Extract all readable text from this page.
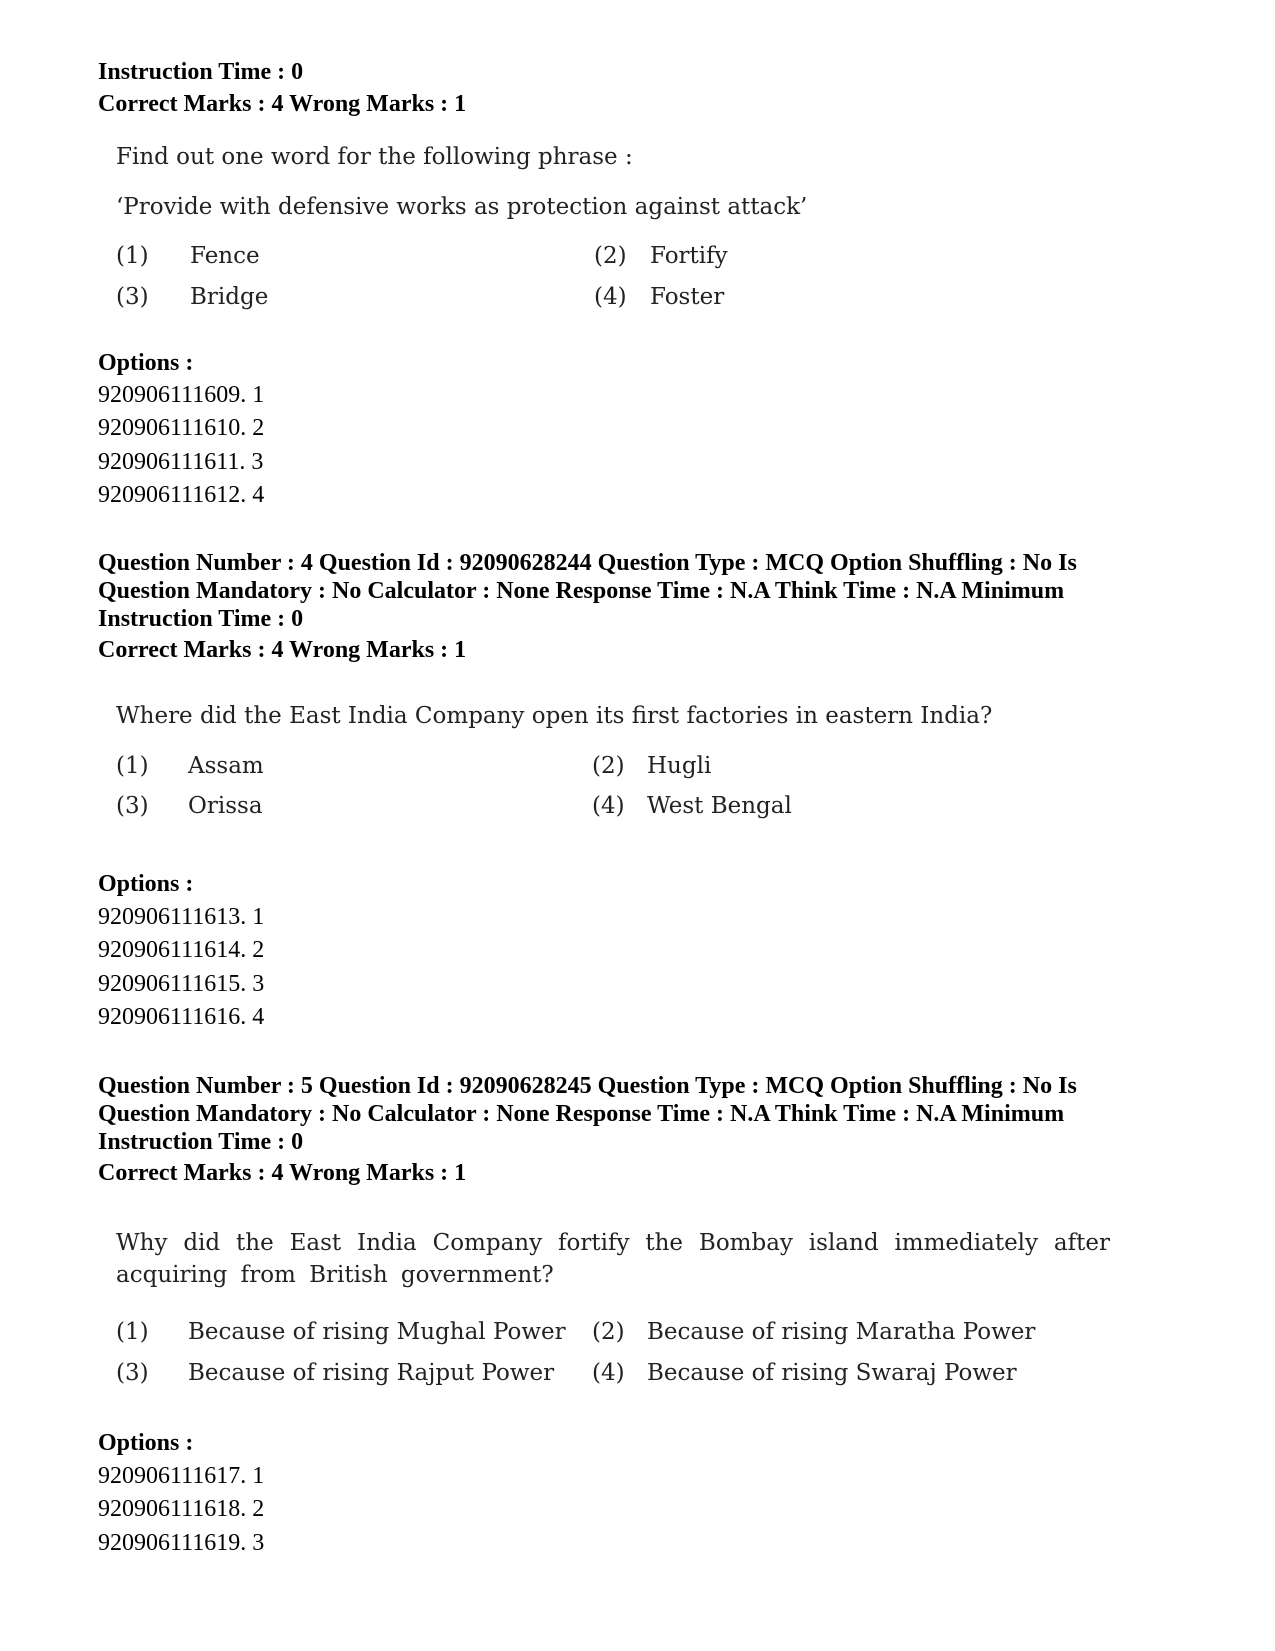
Instruction Time : 0
Correct Marks : 4 Wrong Marks : 1
Find out one word for the following phrase :
‘Provide with defensive works as protection against attack’
(1) Fence	(2) Fortify
(3) Bridge	(4) Foster
Options :
920906111609. 1
920906111610. 2
920906111611. 3
920906111612. 4
Question Number : 4 Question Id : 92090628244 Question Type : MCQ Option Shuffling : No Is Question Mandatory : No Calculator : None Response Time : N.A Think Time : N.A Minimum Instruction Time : 0
Correct Marks : 4 Wrong Marks : 1
Where did the East India Company open its first factories in eastern India?
(1) Assam	(2) Hugli
(3) Orissa	(4) West Bengal
Options :
920906111613. 1
920906111614. 2
920906111615. 3
920906111616. 4
Question Number : 5 Question Id : 92090628245 Question Type : MCQ Option Shuffling : No Is Question Mandatory : No Calculator : None Response Time : N.A Think Time : N.A Minimum Instruction Time : 0
Correct Marks : 4 Wrong Marks : 1
Why did the East India Company fortify the Bombay island immediately after acquiring from British government?
(1) Because of rising Mughal Power (2) Because of rising Maratha Power
(3) Because of rising Rajput Power (4) Because of rising Swaraj Power
Options :
920906111617. 1
920906111618. 2
920906111619. 3
